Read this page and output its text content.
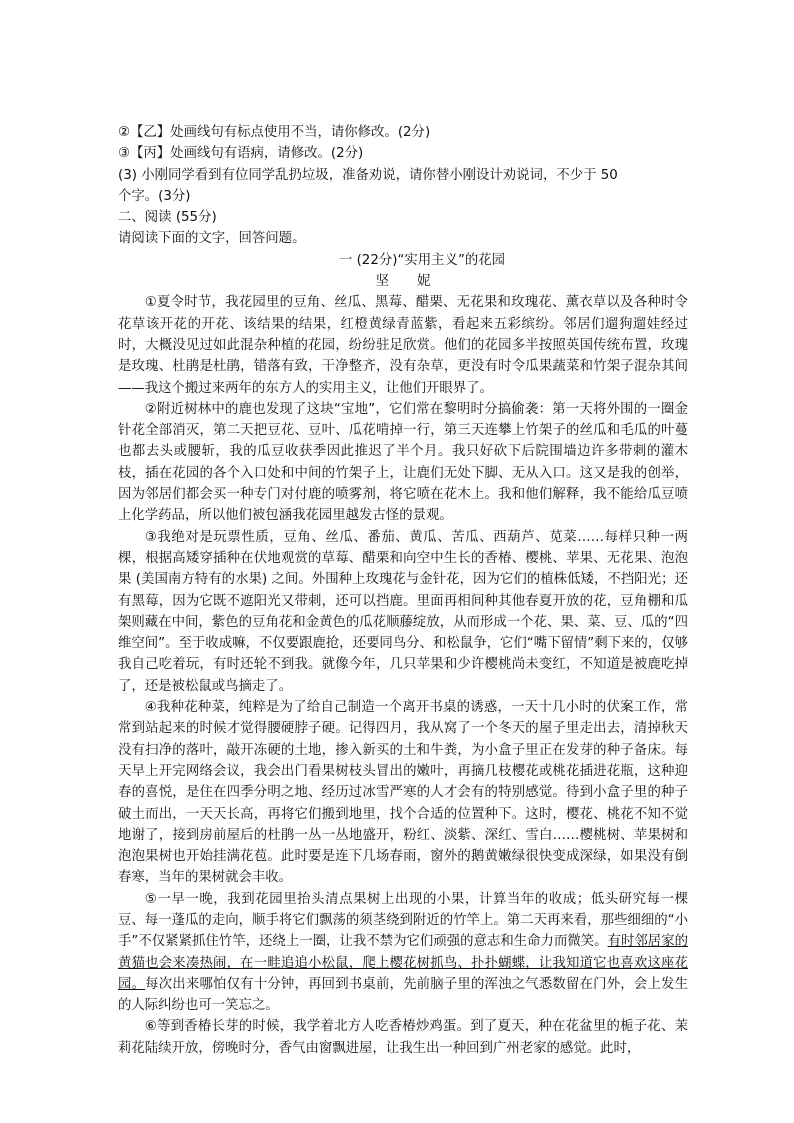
②【乙】处画线句有标点使用不当，请你修改。(2分)
③【丙】处画线句有语病，请修改。(2分)
(3) 小刚同学看到有位同学乱扔垃圾，准备劝说，请你替小刚设计劝说词，不少于 50
个字。(3分)
二、阅读 (55分)
请阅读下面的文字，回答问题。
一 (22分)“实用主义”的花园
坚 妮

①夏令时节，我花园里的豆角、丝瓜、黑莓、醋栗、无花果和玫瑰花、薰衣草以及各种时令花草该开花的开花、该结果的结果，红橙黄绿青蓝紫，看起来五彩缤纷。邻居们遛狗遛娃经过时，大概没见过如此混杂种植的花园，纷纷驻足欣赏。他们的花园多半按照英国传统布置，玫瑰是玫瑰、杜鹃是杜鹃，错落有致，干净整齐，没有杂草，更没有时令瓜果蔬菜和竹架子混杂其间——我这个搬过来两年的东方人的实用主义，让他们开眼界了。

②附近树林中的鹿也发现了这块“宝地”，它们常在黎明时分搞偷袭：第一天将外围的一圈金针花全部消灭，第二天把豆花、豆叶、瓜花啃掉一行，第三天连攀上竹架子的丝瓜和毛瓜的叶蔓也都去头或腰斩，我的瓜豆收获季因此推迟了半个月。我只好砍下后院围墙边许多带刺的灌木枝，插在花园的各个入口处和中间的竹架子上，让鹿们无处下脚、无从入口。这又是我的创举，因为邻居们都会买一种专门对付鹿的喷雾剂，将它喷在花木上。我和他们解释，我不能给瓜豆喷上化学药品，所以他们被包涵我花园里越发古怪的景观。

③我绝对是玩票性质，豆角、丝瓜、番茄、黄瓜、苦瓜、西葫芦、苋菜……每样只种一两棵，根据高矮穿插种在伏地观赏的草莓、醋栗和向空中生长的香椿、樱桃、苹果、无花果、泡泡果 (美国南方特有的水果) 之间。外围种上玫瑰花与金针花，因为它们的植株低矮，不挡阳光；还有黑莓，因为它既不遮阳光又带刺，还可以挡鹿。里面再相间种其他春夏开放的花，豆角棚和瓜架则藏在中间，紫色的豆角花和金黄色的瓜花顺藤绽放，从而形成一个花、果、菜、豆、瓜的“四维空间”。至于收成嘛，不仅要跟鹿抢，还要同鸟分、和松鼠争，它们“嘴下留情”剩下来的，仅够我自己吃着玩，有时还轮不到我。就像今年，几只苹果和少许樱桃尚未变红，不知道是被鹿吃掉了，还是被松鼠或鸟摘走了。

④我种花种菜，纯粹是为了给自己制造一个离开书桌的诱惑，一天十几小时的伏案工作，常常到站起来的时候才觉得腰硬脖子硬。记得四月，我从窝了一个冬天的屋子里走出去，清掉秋天没有扫净的落叶，敲开冻硬的土地，掺入新买的土和牛粪，为小盒子里正在发芽的种子备床。每天早上开完网络会议，我会出门看果树枝头冒出的嫩叶，再摘几枝樱花或桃花插进花瓶，这种迎春的喜悦，是住在四季分明之地、经历过冰雪严寒的人才会有的特别感觉。待到小盒子里的种子破土而出，一天天长高，再将它们搬到地里，找个合适的位置种下。这时，樱花、桃花不知不觉地谢了，接到房前屋后的杜鹃一丛一丛地盛开，粉红、淡紫、深红、雪白……樱桃树、苹果树和泡泡果树也开始挂满花苞。此时要是连下几场春雨，窗外的鹅黄嫩绿很快变成深绿，如果没有倒春寒，当年的果树就会丰收。

⑤一早一晚，我到花园里抬头清点果树上出现的小果，计算当年的收成；低头研究每一棵豆、每一蓬瓜的走向，顺手将它们飘荡的须茎绕到附近的竹竿上。第二天再来看，那些细细的“小手”不仅紧紧抓住竹竿，还绕上一圈，让我不禁为它们顽强的意志和生命力而微笑。有时邻居家的黄猫也会来凑热闹，在一畦追追小松鼠，爬上樱花树抓鸟、扑扑蝴蝶，让我知道它也喜欢这座花园。每次出来哪怕仅有十分钟，再回到书桌前，先前脑子里的浑浊之气悉数留在门外，会上发生的人际纠纷也可一笑忘之。

⑥等到香椿长芽的时候，我学着北方人吃香椿炒鸡蛋。到了夏天，种在花盆里的栀子花、茉莉花陆续开放，傍晚时分，香气由窗飘进屋，让我生出一种回到广州老家的感觉。此时，
